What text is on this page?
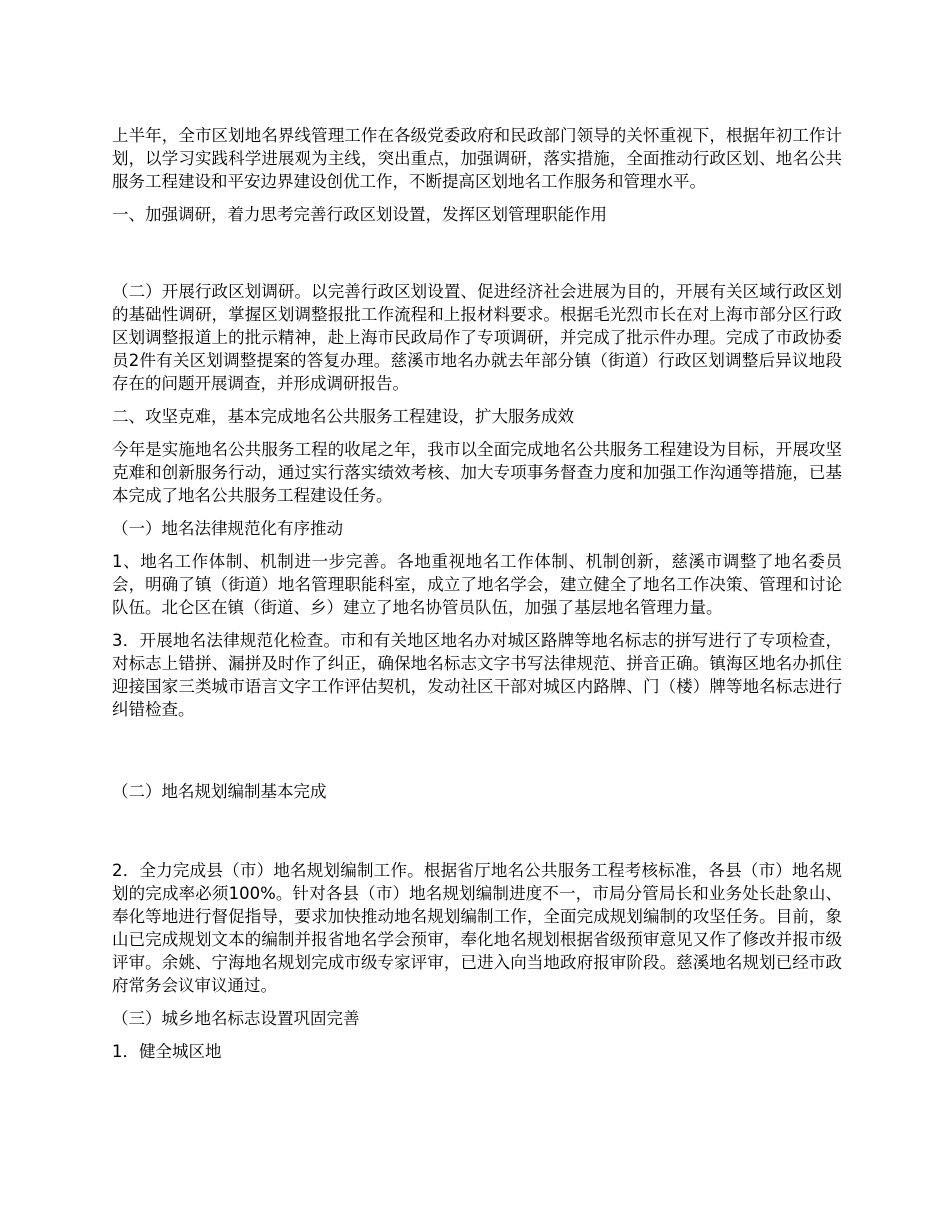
上半年，全市区划地名界线管理工作在各级党委政府和民政部门领导的关怀重视下，根据年初工作计划，以学习实践科学进展观为主线，突出重点，加强调研，落实措施，全面推动行政区划、地名公共服务工程建设和平安边界建设创优工作，不断提高区划地名工作服务和管理水平。

一、加强调研，着力思考完善行政区划设置，发挥区划管理职能作用

（二）开展行政区划调研。以完善行政区划设置、促进经济社会进展为目的，开展有关区域行政区划的基础性调研，掌握区划调整报批工作流程和上报材料要求。根据毛光烈市长在对上海市部分区行政区划调整报道上的批示精神，赴上海市民政局作了专项调研，并完成了批示件办理。完成了市政协委员2件有关区划调整提案的答复办理。慈溪市地名办就去年部分镇（街道）行政区划调整后异议地段存在的问题开展调查，并形成调研报告。

二、攻坚克难，基本完成地名公共服务工程建设，扩大服务成效

今年是实施地名公共服务工程的收尾之年，我市以全面完成地名公共服务工程建设为目标，开展攻坚克难和创新服务行动，通过实行落实绩效考核、加大专项事务督查力度和加强工作沟通等措施，已基本完成了地名公共服务工程建设任务。

（一）地名法律规范化有序推动

1、地名工作体制、机制进一步完善。各地重视地名工作体制、机制创新，慈溪市调整了地名委员会，明确了镇（街道）地名管理职能科室，成立了地名学会，建立健全了地名工作决策、管理和讨论队伍。北仑区在镇（街道、乡）建立了地名协管员队伍，加强了基层地名管理力量。

3．开展地名法律规范化检查。市和有关地区地名办对城区路牌等地名标志的拼写进行了专项检查，对标志上错拼、漏拼及时作了纠正，确保地名标志文字书写法律规范、拼音正确。镇海区地名办抓住迎接国家三类城市语言文字工作评估契机，发动社区干部对城区内路牌、门（楼）牌等地名标志进行纠错检查。

（二）地名规划编制基本完成

2．全力完成县（市）地名规划编制工作。根据省厅地名公共服务工程考核标准，各县（市）地名规划的完成率必须100%。针对各县（市）地名规划编制进度不一，市局分管局长和业务处长赴象山、奉化等地进行督促指导，要求加快推动地名规划编制工作，全面完成规划编制的攻坚任务。目前，象山已完成规划文本的编制并报省地名学会预审，奉化地名规划根据省级预审意见又作了修改并报市级评审。余姚、宁海地名规划完成市级专家评审，已进入向当地政府报审阶段。慈溪地名规划已经市政府常务会议审议通过。

（三）城乡地名标志设置巩固完善

1．健全城区地
